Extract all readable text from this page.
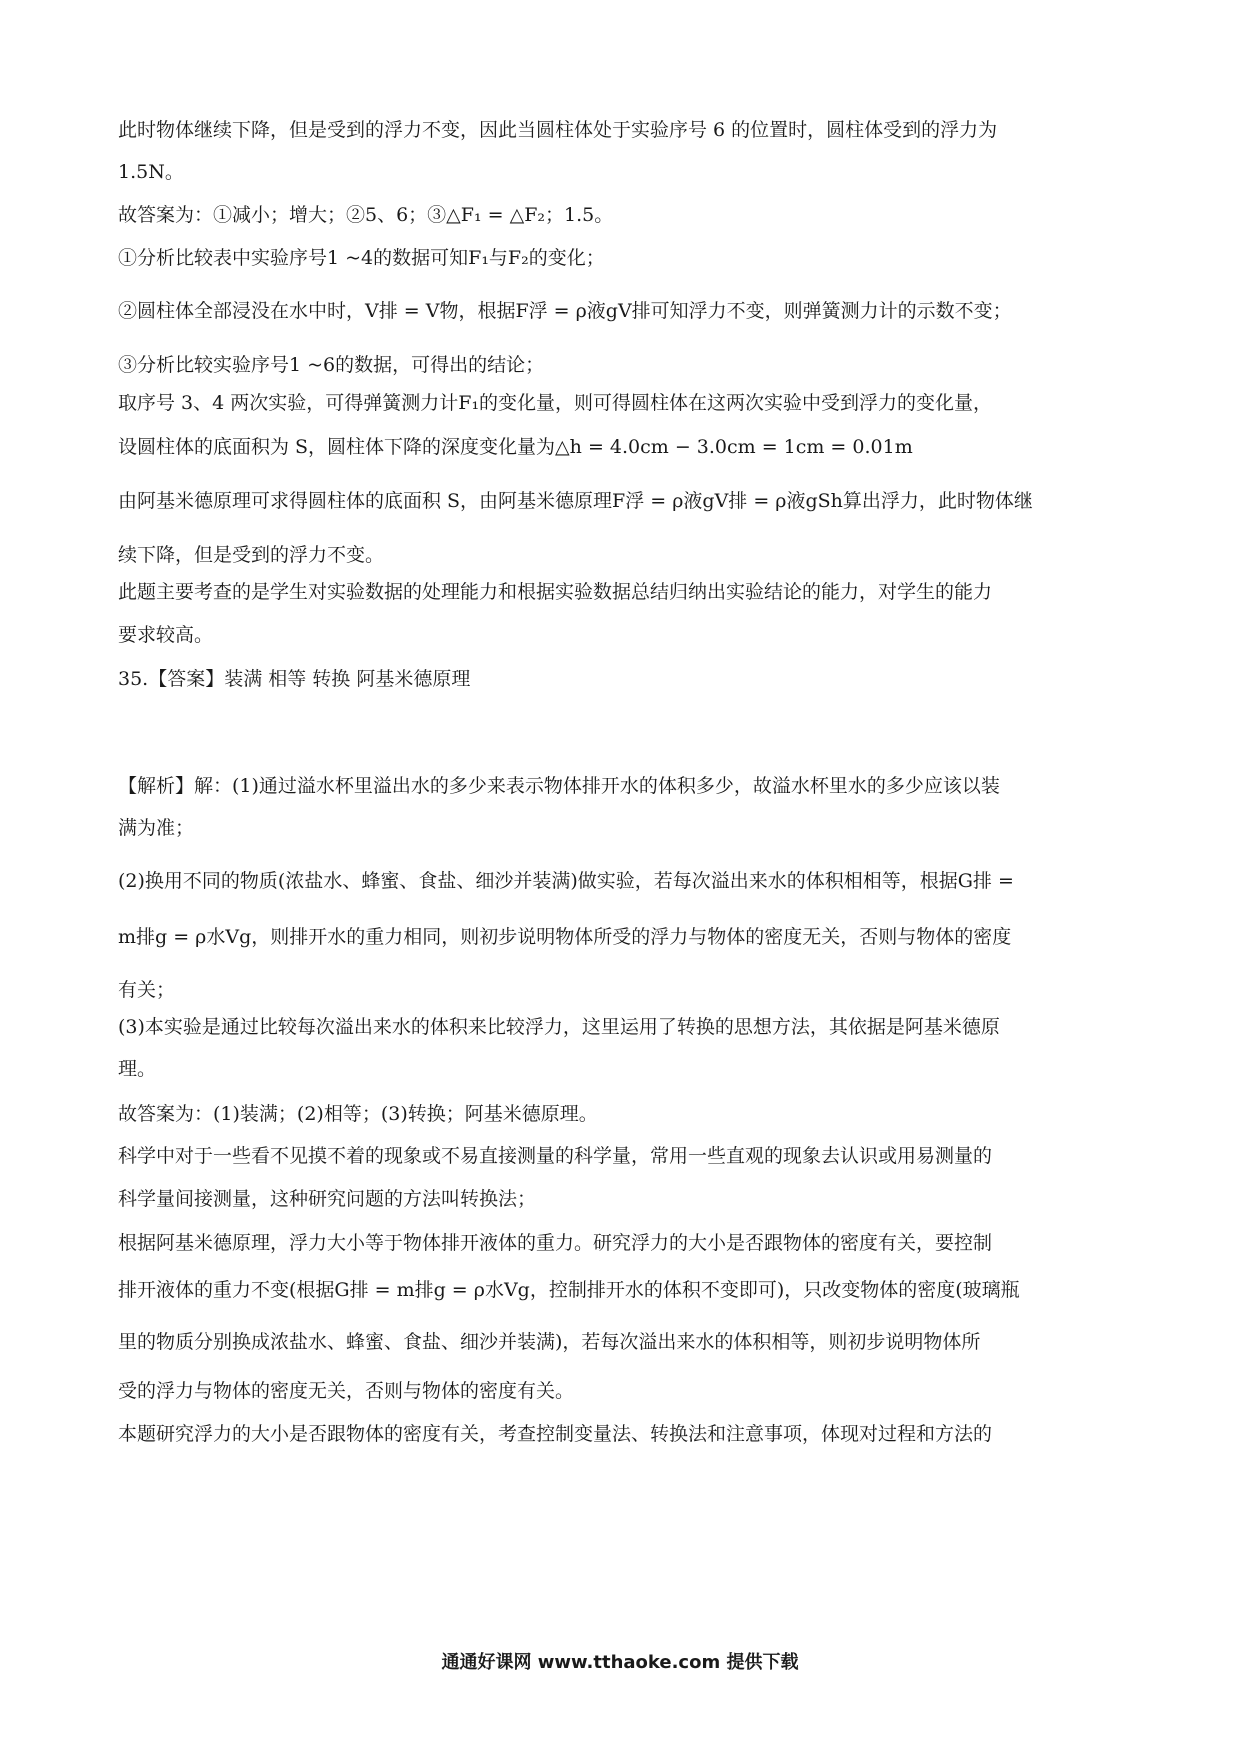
此时物体继续下降，但是受到的浮力不变，因此当圆柱体处于实验序号 6 的位置时，圆柱体受到的浮力为
1.5N。
故答案为：①减小；增大；②5、6；③△F₁ = △F₂；1.5。
①分析比较表中实验序号1 ~4的数据可知F₁与F₂的变化；
②圆柱体全部浸没在水中时，V排 = V物，根据F浮 = ρ液gV排可知浮力不变，则弹簧测力计的示数不变；
③分析比较实验序号1 ~6的数据，可得出的结论；
取序号 3、4 两次实验，可得弹簧测力计F₁的变化量，则可得圆柱体在这两次实验中受到浮力的变化量，
设圆柱体的底面积为 S，圆柱体下降的深度变化量为△h = 4.0cm − 3.0cm = 1cm = 0.01m
由阿基米德原理可求得圆柱体的底面积 S，由阿基米德原理F浮 = ρ液gV排 = ρ液gSh算出浮力，此时物体继
续下降，但是受到的浮力不变。
此题主要考查的是学生对实验数据的处理能力和根据实验数据总结归纳出实验结论的能力，对学生的能力
要求较高。
35.【答案】装满 相等 转换 阿基米德原理
【解析】解：(1)通过溢水杯里溢出水的多少来表示物体排开水的体积多少，故溢水杯里水的多少应该以装
满为准；
(2)换用不同的物质(浓盐水、蜂蜜、食盐、细沙并装满)做实验，若每次溢出来水的体积相相等，根据G排 =
m排g = ρ水Vg，则排开水的重力相同，则初步说明物体所受的浮力与物体的密度无关，否则与物体的密度
有关；
(3)本实验是通过比较每次溢出来水的体积来比较浮力，这里运用了转换的思想方法，其依据是阿基米德原
理。
故答案为：(1)装满；(2)相等；(3)转换；阿基米德原理。
科学中对于一些看不见摸不着的现象或不易直接测量的科学量，常用一些直观的现象去认识或用易测量的
科学量间接测量，这种研究问题的方法叫转换法；
根据阿基米德原理，浮力大小等于物体排开液体的重力。研究浮力的大小是否跟物体的密度有关，要控制
排开液体的重力不变(根据G排 = m排g = ρ水Vg，控制排开水的体积不变即可)，只改变物体的密度(玻璃瓶
里的物质分别换成浓盐水、蜂蜜、食盐、细沙并装满)，若每次溢出来水的体积相等，则初步说明物体所
受的浮力与物体的密度无关，否则与物体的密度有关。
本题研究浮力的大小是否跟物体的密度有关，考查控制变量法、转换法和注意事项，体现对过程和方法的
通通好课网 www.tthaoke.com 提供下载
